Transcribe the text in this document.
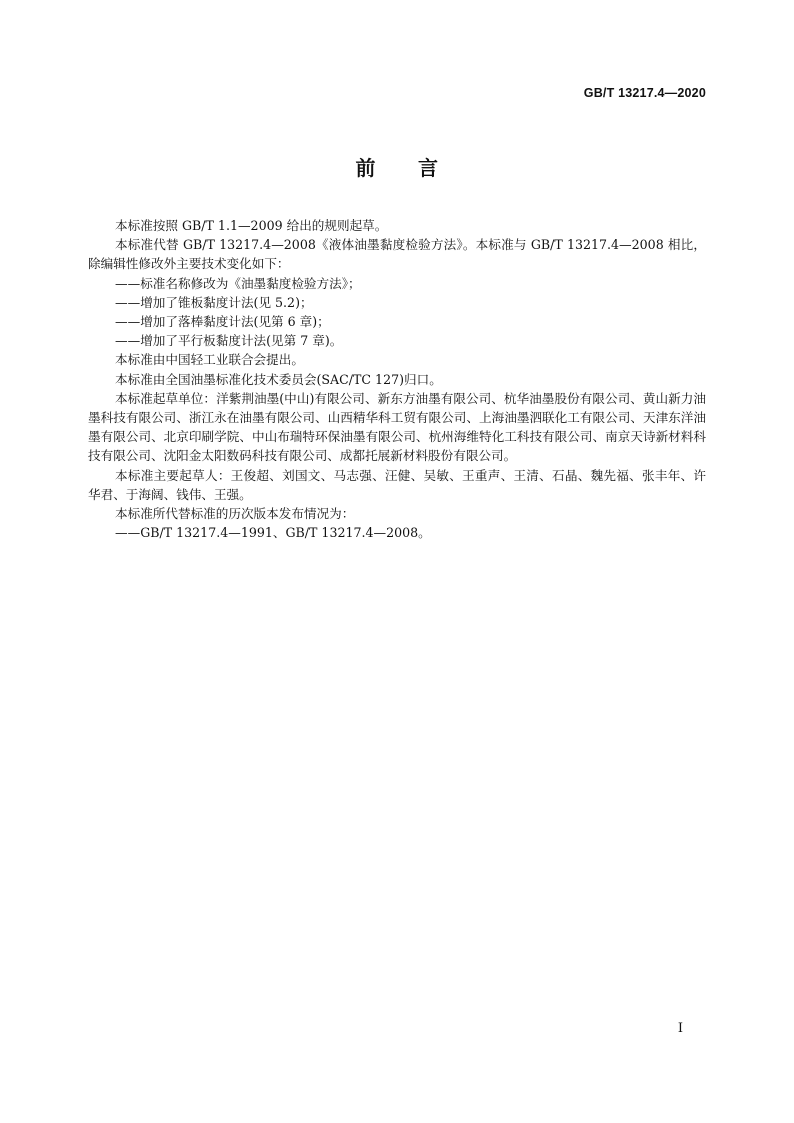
GB/T 13217.4—2020
前 言

本标准按照 GB/T 1.1—2009 给出的规则起草。

本标准代替 GB/T 13217.4—2008《液体油墨黏度检验方法》。本标准与 GB/T 13217.4—2008 相比，除编辑性修改外主要技术变化如下：

——标准名称修改为《油墨黏度检验方法》；

——增加了锥板黏度计法(见 5.2)；

——增加了落棒黏度计法(见第 6 章)；

——增加了平行板黏度计法(见第 7 章)。

本标准由中国轻工业联合会提出。

本标准由全国油墨标准化技术委员会(SAC/TC 127)归口。

本标准起草单位：洋紫荆油墨(中山)有限公司、新东方油墨有限公司、杭华油墨股份有限公司、黄山新力油墨科技有限公司、浙江永在油墨有限公司、山西精华科工贸有限公司、上海油墨泗联化工有限公司、天津东洋油墨有限公司、北京印刷学院、中山布瑞特环保油墨有限公司、杭州海维特化工科技有限公司、南京天诗新材料科技有限公司、沈阳金太阳数码科技有限公司、成都托展新材料股份有限公司。

本标准主要起草人：王俊超、刘国文、马志强、汪健、吴敏、王重声、王清、石晶、魏先福、张丰年、许华君、于海阔、钱伟、王强。

本标准所代替标准的历次版本发布情况为：

——GB/T 13217.4—1991、GB/T 13217.4—2008。

I
